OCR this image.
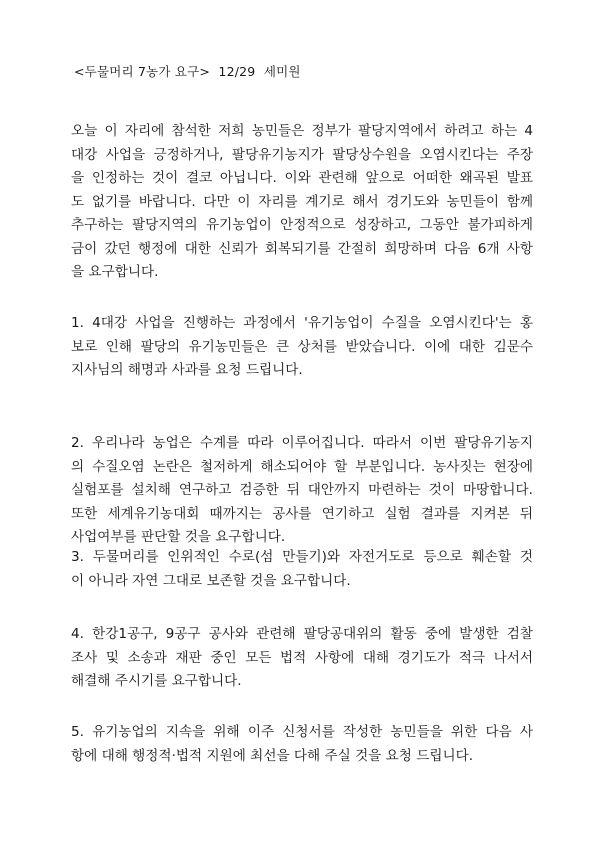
<두물머리 7농가 요구> 12/29 세미원
오늘 이 자리에 참석한 저희 농민들은 정부가 팔당지역에서 하려고 하는 4
대강 사업을 긍정하거나, 팔당유기농지가 팔당상수원을 오염시킨다는 주장
을 인정하는 것이 결코 아닙니다. 이와 관련해 앞으로 어떠한 왜곡된 발표
도 없기를 바랍니다. 다만 이 자리를 계기로 해서 경기도와 농민들이 함께
추구하는 팔당지역의 유기농업이 안정적으로 성장하고, 그동안 불가피하게
금이 갔던 행정에 대한 신뢰가 회복되기를 간절히 희망하며 다음 6개 사항
을 요구합니다.
1. 4대강 사업을 진행하는 과정에서 '유기농업이 수질을 오염시킨다'는 홍
보로 인해 팔당의 유기농민들은 큰 상처를 받았습니다. 이에 대한 김문수
지사님의 해명과 사과를 요청 드립니다.
2. 우리나라 농업은 수계를 따라 이루어집니다. 따라서 이번 팔당유기농지
의 수질오염 논란은 철저하게 해소되어야 할 부분입니다. 농사짓는 현장에
실험포를 설치해 연구하고 검증한 뒤 대안까지 마련하는 것이 마땅합니다.
또한 세계유기농대회 때까지는 공사를 연기하고 실험 결과를 지켜본 뒤
사업여부를 판단할 것을 요구합니다.
3. 두물머리를 인위적인 수로(섬 만들기)와 자전거도로 등으로 훼손할 것
이 아니라 자연 그대로 보존할 것을 요구합니다.
4. 한강1공구, 9공구 공사와 관련해 팔당공대위의 활동 중에 발생한 검찰
조사 및 소송과 재판 중인 모든 법적 사항에 대해 경기도가 적극 나서서
해결해 주시기를 요구합니다.
5. 유기농업의 지속을 위해 이주 신청서를 작성한 농민들을 위한 다음 사
항에 대해 행정적·법적 지원에 최선을 다해 주실 것을 요청 드립니다.
